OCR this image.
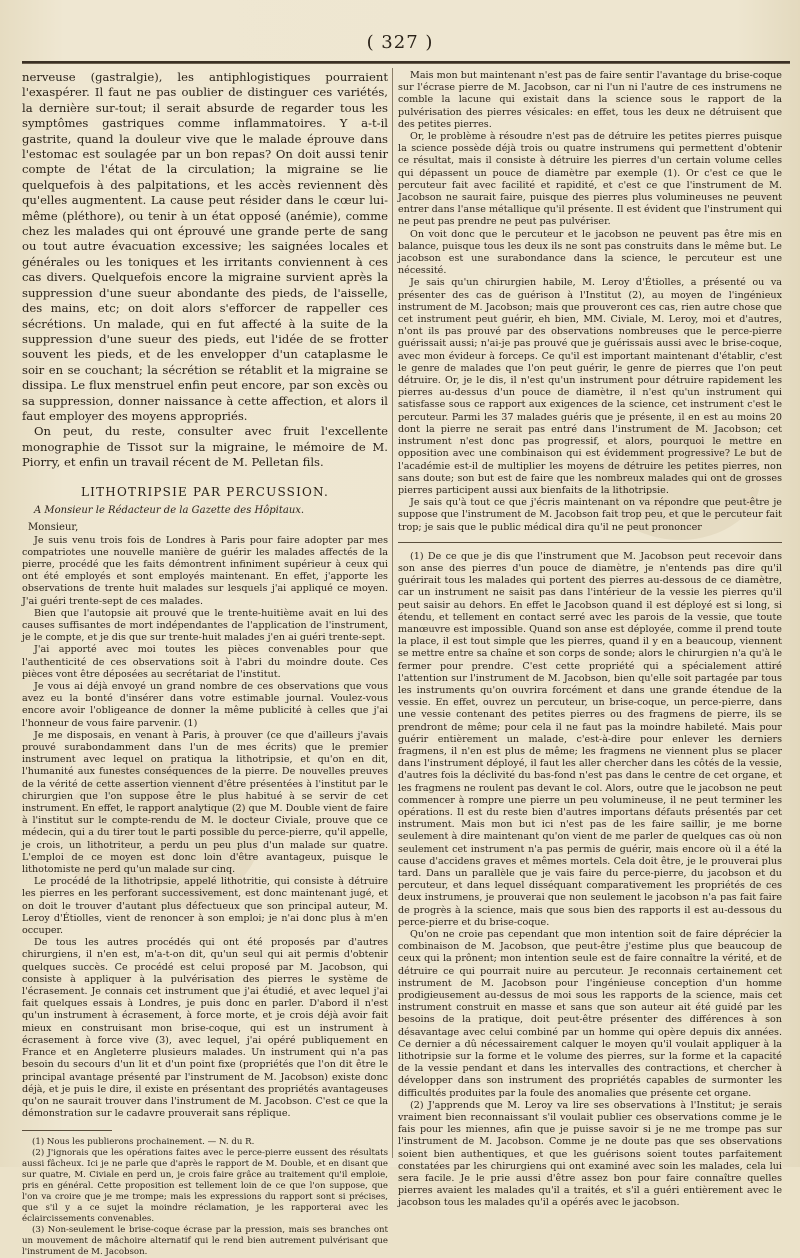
( 327 )

nerveuse (gastralgie), les antiphlogistiques pourraient l'exaspérer. Il faut ne pas oublier de distinguer ces variétés, la dernière sur-tout; il serait absurde de regarder tous les symptômes gastriques comme inflammatoires. Y a-t-il gastrite, quand la douleur vive que le malade éprouve dans l'estomac est soulagée par un bon repas? On doit aussi tenir compte de l'état de la circulation; la migraine se lie quelquefois à des palpitations, et les accès reviennent dès qu'elles augmentent. La cause peut résider dans le cœur lui-même (pléthore), ou tenir à un état opposé (anémie), comme chez les malades qui ont éprouvé une grande perte de sang ou tout autre évacuation excessive; les saignées locales et générales ou les toniques et les irritants conviennent à ces cas divers. Quelquefois encore la migraine survient après la suppression d'une sueur abondante des pieds, de l'aisselle, des mains, etc; on doit alors s'efforcer de rappeller ces sécrétions. Un malade, qui en fut affecté à la suite de la suppression d'une sueur des pieds, eut l'idée de se frotter souvent les pieds, et de les envelopper d'un cataplasme le soir en se couchant; la sécrétion se rétablit et la migraine se dissipa. Le flux menstruel enfin peut encore, par son excès ou sa suppression, donner naissance à cette affection, et alors il faut employer des moyens appropriés.

On peut, du reste, consulter avec fruit l'excellente monographie de Tissot sur la migraine, le mémoire de M. Piorry, et enfin un travail récent de M. Pelletan fils.

LITHOTRIPSIE PAR PERCUSSION.
A Monsieur le Rédacteur de la Gazette des Hôpitaux.
Monsieur,

Je suis venu trois fois de Londres à Paris pour faire adopter par mes compatriotes une nouvelle manière de guérir les malades affectés de la pierre, procédé que les faits démontrent infiniment supérieur à ceux qui ont été employés et sont employés maintenant. En effet, j'apporte les observations de trente huit malades sur lesquels j'ai appliqué ce moyen. J'ai guéri trente-sept de ces malades.

Bien que l'autopsie ait prouvé que le trente-huitième avait en lui des causes suffisantes de mort indépendantes de l'application de l'instrument, je le compte, et je dis que sur trente-huit malades j'en ai guéri trente-sept.

J'ai apporté avec moi toutes les pièces convenables pour que l'authenticité de ces observations soit à l'abri du moindre doute. Ces pièces vont être déposées au secrétariat de l'institut.

Je vous ai déjà envoyé un grand nombre de ces observations que vous avez eu la bonté d'insérer dans votre estimable journal. Voulez-vous encore avoir l'obligeance de donner la même publicité à celles que j'ai l'honneur de vous faire parvenir. (1)

Je me disposais, en venant à Paris, à prouver (ce que d'ailleurs j'avais prouvé surabondamment dans l'un de mes écrits) que le premier instrument avec lequel on pratiqua la lithotripsie, et qu'on en dit, l'humanité aux funestes conséquences de la pierre. De nouvelles preuves de la vérité de cette assertion viennent d'être présentées à l'institut par le chirurgien que l'on suppose être le plus habitué à se servir de cet instrument. En effet, le rapport analytique (2) que M. Double vient de faire à l'institut sur le compte-rendu de M. le docteur Civiale, prouve que ce médecin, qui a du tirer tout le parti possible du perce-pierre, qu'il appelle, je crois, un lithotriteur, a perdu un peu plus d'un malade sur quatre. L'emploi de ce moyen est donc loin d'être avantageux, puisque le lithotomiste ne perd qu'un malade sur cinq.

Le procédé de la lithotripsie, appelé lithotritie, qui consiste à détruire les pierres en les perforant successivement, est donc maintenant jugé, et on doit le trouver d'autant plus défectueux que son principal auteur, M. Leroy d'Étiolles, vient de renoncer à son emploi; je n'ai donc plus à m'en occuper.

De tous les autres procédés qui ont été proposés par d'autres chirurgiens, il n'en est, m'a-t-on dit, qu'un seul qui ait permis d'obtenir quelques succès. Ce procédé est celui proposé par M. Jacobson, qui consiste à appliquer à la pulvérisation des pierres le système de l'écrasement. Je connais cet instrument que j'ai étudié, et avec lequel j'ai fait quelques essais à Londres, je puis donc en parler. D'abord il n'est qu'un instrument à écrasement, à force morte, et je crois déjà avoir fait mieux en construisant mon brise-coque, qui est un instrument à écrasement à force vive (3), avec lequel, j'ai opéré publiquement en France et en Angleterre plusieurs malades. Un instrument qui n'a pas besoin du secours d'un lit et d'un point fixe (propriétés que l'on dit être le principal avantage présenté par l'instrument de M. Jacobson) existe donc déjà, et je puis le dire, il existe en présentant des propriétés avantageuses qu'on ne saurait trouver dans l'instrument de M. Jacobson. C'est ce que la démonstration sur le cadavre prouverait sans réplique.

(1) Nous les publierons prochainement. — N. du R.

(2) J'ignorais que les opérations faites avec le perce-pierre eussent des résultats aussi fâcheux. Ici je ne parle que d'après le rapport de M. Double, et en disant que sur quatre, M. Civiale en perd un, je crois faire grâce au traitement qu'il emploie, pris en général. Cette proposition est tellement loin de ce que l'on suppose, que l'on va croire que je me trompe; mais les expressions du rapport sont si précises, que s'il y a ce sujet la moindre réclamation, je les rapporterai avec les éclaircissements convenables.

(3) Non-seulement le brise-coque écrase par la pression, mais ses branches ont un mouvement de mâchoire alternatif qui le rend bien autrement pulvérisant que l'instrument de M. Jacobson.

Mais mon but maintenant n'est pas de faire sentir l'avantage du brise-coque sur l'écrase pierre de M. Jacobson, car ni l'un ni l'autre de ces instrumens ne comble la lacune qui existait dans la science sous le rapport de la pulvérisation des pierres vésicales: en effet, tous les deux ne détruisent que des petites pierres.

Or, le problème à résoudre n'est pas de détruire les petites pierres puisque la science possède déjà trois ou quatre instrumens qui permettent d'obtenir ce résultat, mais il consiste à détruire les pierres d'un certain volume celles qui dépassent un pouce de diamètre par exemple (1). Or c'est ce que le percuteur fait avec facilité et rapidité, et c'est ce que l'instrument de M. Jacobson ne saurait faire, puisque des pierres plus volumineuses ne peuvent entrer dans l'anse métallique qu'il présente. Il est évident que l'instrument qui ne peut pas prendre ne peut pas pulvériser.

On voit donc que le percuteur et le jacobson ne peuvent pas être mis en balance, puisque tous les deux ils ne sont pas construits dans le même but. Le jacobson est une surabondance dans la science, le percuteur est une nécessité.

Je sais qu'un chirurgien habile, M. Leroy d'Étiolles, a présenté ou va présenter des cas de guérison à l'Institut (2), au moyen de l'ingénieux instrument de M. Jacobson; mais que prouveront ces cas, rien autre chose que cet instrument peut guérir, eh bien, MM. Civiale, M. Leroy, moi et d'autres, n'ont ils pas prouvé par des observations nombreuses que le perce-pierre guérissait aussi; n'ai-je pas prouvé que je guérissais aussi avec le brise-coque, avec mon évideur à forceps. Ce qu'il est important maintenant d'établir, c'est le genre de malades que l'on peut guérir, le genre de pierres que l'on peut détruire. Or, je le dis, il n'est qu'un instrument pour détruire rapidement les pierres au-dessus d'un pouce de diamètre, il n'est qu'un instrument qui satisfasse sous ce rapport aux exigences de la science, cet instrument c'est le percuteur. Parmi les 37 malades guéris que je présente, il en est au moins 20 dont la pierre ne serait pas entré dans l'instrument de M. Jacobson; cet instrument n'est donc pas progressif, et alors, pourquoi le mettre en opposition avec une combinaison qui est évidemment progressive? Le but de l'académie est-il de multiplier les moyens de détruire les petites pierres, non sans doute; son but est de faire que les nombreux malades qui ont de grosses pierres participent aussi aux bienfaits de la lithotripsie.

Je sais qu'à tout ce que j'écris maintenant on va répondre que peut-être je suppose que l'instrument de M. Jacobson fait trop peu, et que le percuteur fait trop; je sais que le public médical dira qu'il ne peut prononcer

(1) De ce que je dis que l'instrument que M. Jacobson peut recevoir dans son anse des pierres d'un pouce de diamètre, je n'entends pas dire qu'il guérirait tous les malades qui portent des pierres au-dessous de ce diamètre, car un instrument ne saisit pas dans l'intérieur de la vessie les pierres qu'il peut saisir au dehors. En effet le Jacobson quand il est déployé est si long, si étendu, et tellement en contact serré avec les parois de la vessie, que toute manœuvre est impossible. Quand son anse est déployée, comme il prend toute la place, il est tout simple que les pierres, quand il y en a beaucoup, viennent se mettre entre sa chaîne et son corps de sonde; alors le chirurgien n'a qu'à le fermer pour prendre. C'est cette propriété qui a spécialement attiré l'attention sur l'instrument de M. Jacobson, bien qu'elle soit partagée par tous les instruments qu'on ouvrira forcément et dans une grande étendue de la vessie. En effet, ouvrez un percuteur, un brise-coque, un perce-pierre, dans une vessie contenant des petites pierres ou des fragmens de pierre, ils se prendront de même; pour cela il ne faut pas la moindre habileté. Mais pour guérir entièrement un malade, c'est-à-dire pour enlever les derniers fragmens, il n'en est plus de même; les fragmens ne viennent plus se placer dans l'instrument déployé, il faut les aller chercher dans les côtés de la vessie, d'autres fois la déclivité du bas-fond n'est pas dans le centre de cet organe, et les fragmens ne roulent pas devant le col. Alors, outre que le jacobson ne peut commencer à rompre une pierre un peu volumineuse, il ne peut terminer les opérations. Il est du reste bien d'autres importans défauts présentés par cet instrument. Mais mon but ici n'est pas de les faire saillir, je me borne seulement à dire maintenant qu'on vient de me parler de quelques cas où non seulement cet instrument n'a pas permis de guérir, mais encore où il a été la cause d'accidens graves et mêmes mortels. Cela doit être, je le prouverai plus tard. Dans un parallèle que je vais faire du perce-pierre, du jacobson et du percuteur, et dans lequel disséquant comparativement les propriétés de ces deux instrumens, je prouverai que non seulement le jacobson n'a pas fait faire de progrès à la science, mais que sous bien des rapports il est au-dessous du perce-pierre et du brise-coque.

Qu'on ne croie pas cependant que mon intention soit de faire déprécier la combinaison de M. Jacobson, que peut-être j'estime plus que beaucoup de ceux qui la prônent; mon intention seule est de faire connaître la vérité, et de détruire ce qui pourrait nuire au percuteur. Je reconnais certainement cet instrument de M. Jacobson pour l'ingénieuse conception d'un homme prodigieusement au-dessus de moi sous les rapports de la science, mais cet instrument construit en masse et sans que son auteur ait été guidé par les besoins de la pratique, doit peut-être présenter des différences à son désavantage avec celui combiné par un homme qui opère depuis dix années. Ce dernier a dû nécessairement calquer le moyen qu'il voulait appliquer à la lithotripsie sur la forme et le volume des pierres, sur la forme et la capacité de la vessie pendant et dans les intervalles des contractions, et chercher à développer dans son instrument des propriétés capables de surmonter les difficultés produites par la foule des anomalies que présente cet organe.

(2) J'apprends que M. Leroy va lire ses observations à l'Institut; je serais vraiment bien reconnaissant s'il voulait publier ces observations comme je le fais pour les miennes, afin que je puisse savoir si je ne me trompe pas sur l'instrument de M. Jacobson. Comme je ne doute pas que ses observations soient bien authentiques, et que les guérisons soient toutes parfaitement constatées par les chirurgiens qui ont examiné avec soin les malades, cela lui sera facile. Je le prie aussi d'être assez bon pour faire connaître quelles pierres avaient les malades qu'il a traités, et s'il a guéri entièrement avec le jacobson tous les malades qu'il a opérés avec le jacobson.
